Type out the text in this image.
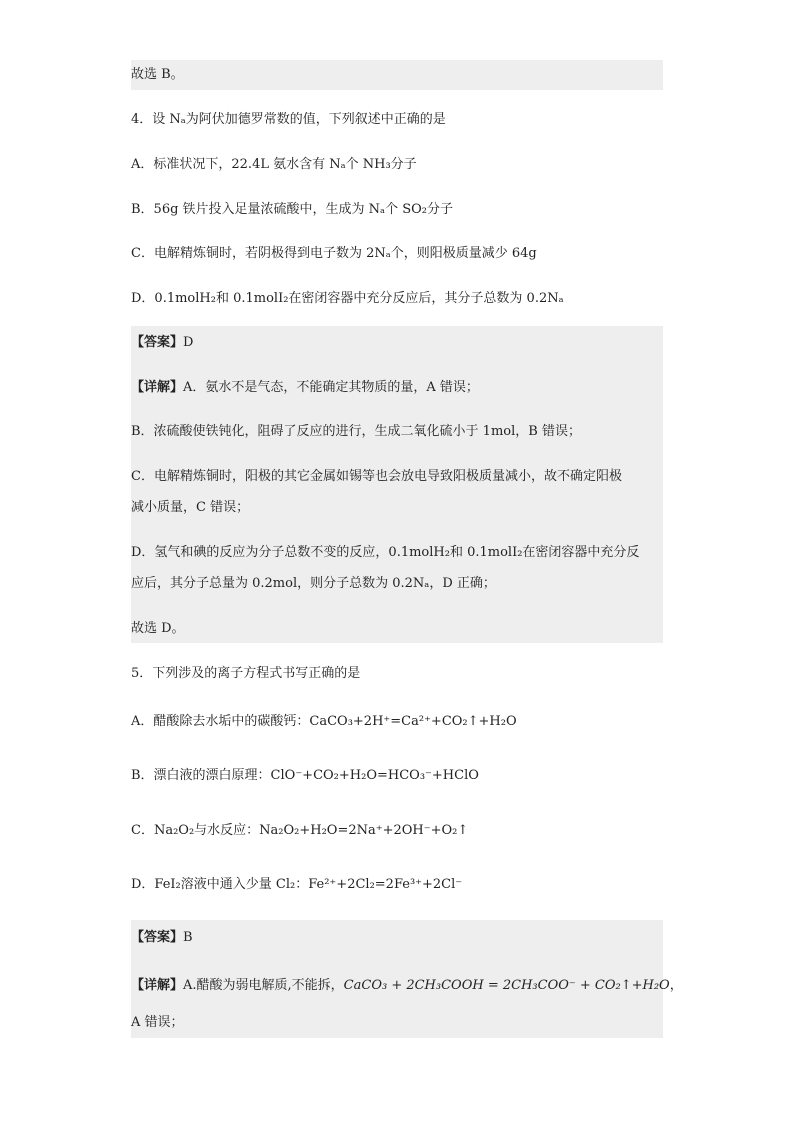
故选 B。
4．设 Nₐ为阿伏加德罗常数的值，下列叙述中正确的是
A．标准状况下，22.4L 氨水含有 Nₐ个 NH₃分子
B．56g 铁片投入足量浓硫酸中，生成为 Nₐ个 SO₂分子
C．电解精炼铜时，若阴极得到电子数为 2Nₐ个，则阳极质量减少 64g
D．0.1molH₂和 0.1molI₂在密闭容器中充分反应后，其分子总数为 0.2Nₐ
【答案】D
【详解】A．氨水不是气态，不能确定其物质的量，A 错误；
B．浓硫酸使铁钝化，阻碍了反应的进行，生成二氧化硫小于 1mol，B 错误；
C．电解精炼铜时，阳极的其它金属如锡等也会放电导致阳极质量减小，故不确定阳极
减小质量，C 错误；
D．氢气和碘的反应为分子总数不变的反应，0.1molH₂和 0.1molI₂在密闭容器中充分反
应后，其分子总量为 0.2mol，则分子总数为 0.2Nₐ，D 正确；
故选 D。
5．下列涉及的离子方程式书写正确的是
A．醋酸除去水垢中的碳酸钙：CaCO₃+2H⁺=Ca²⁺+CO₂↑+H₂O
B．漂白液的漂白原理：ClO⁻+CO₂+H₂O=HCO₃⁻+HClO
C．Na₂O₂与水反应：Na₂O₂+H₂O=2Na⁺+2OH⁻+O₂↑
D．FeI₂溶液中通入少量 Cl₂：Fe²⁺+2Cl₂=2Fe³⁺+2Cl⁻
【答案】B
【详解】A.醋酸为弱电解质,不能拆，CaCO₃ + 2CH₃COOH = 2CH₃COO⁻ + CO₂↑+H₂O，
A 错误；
